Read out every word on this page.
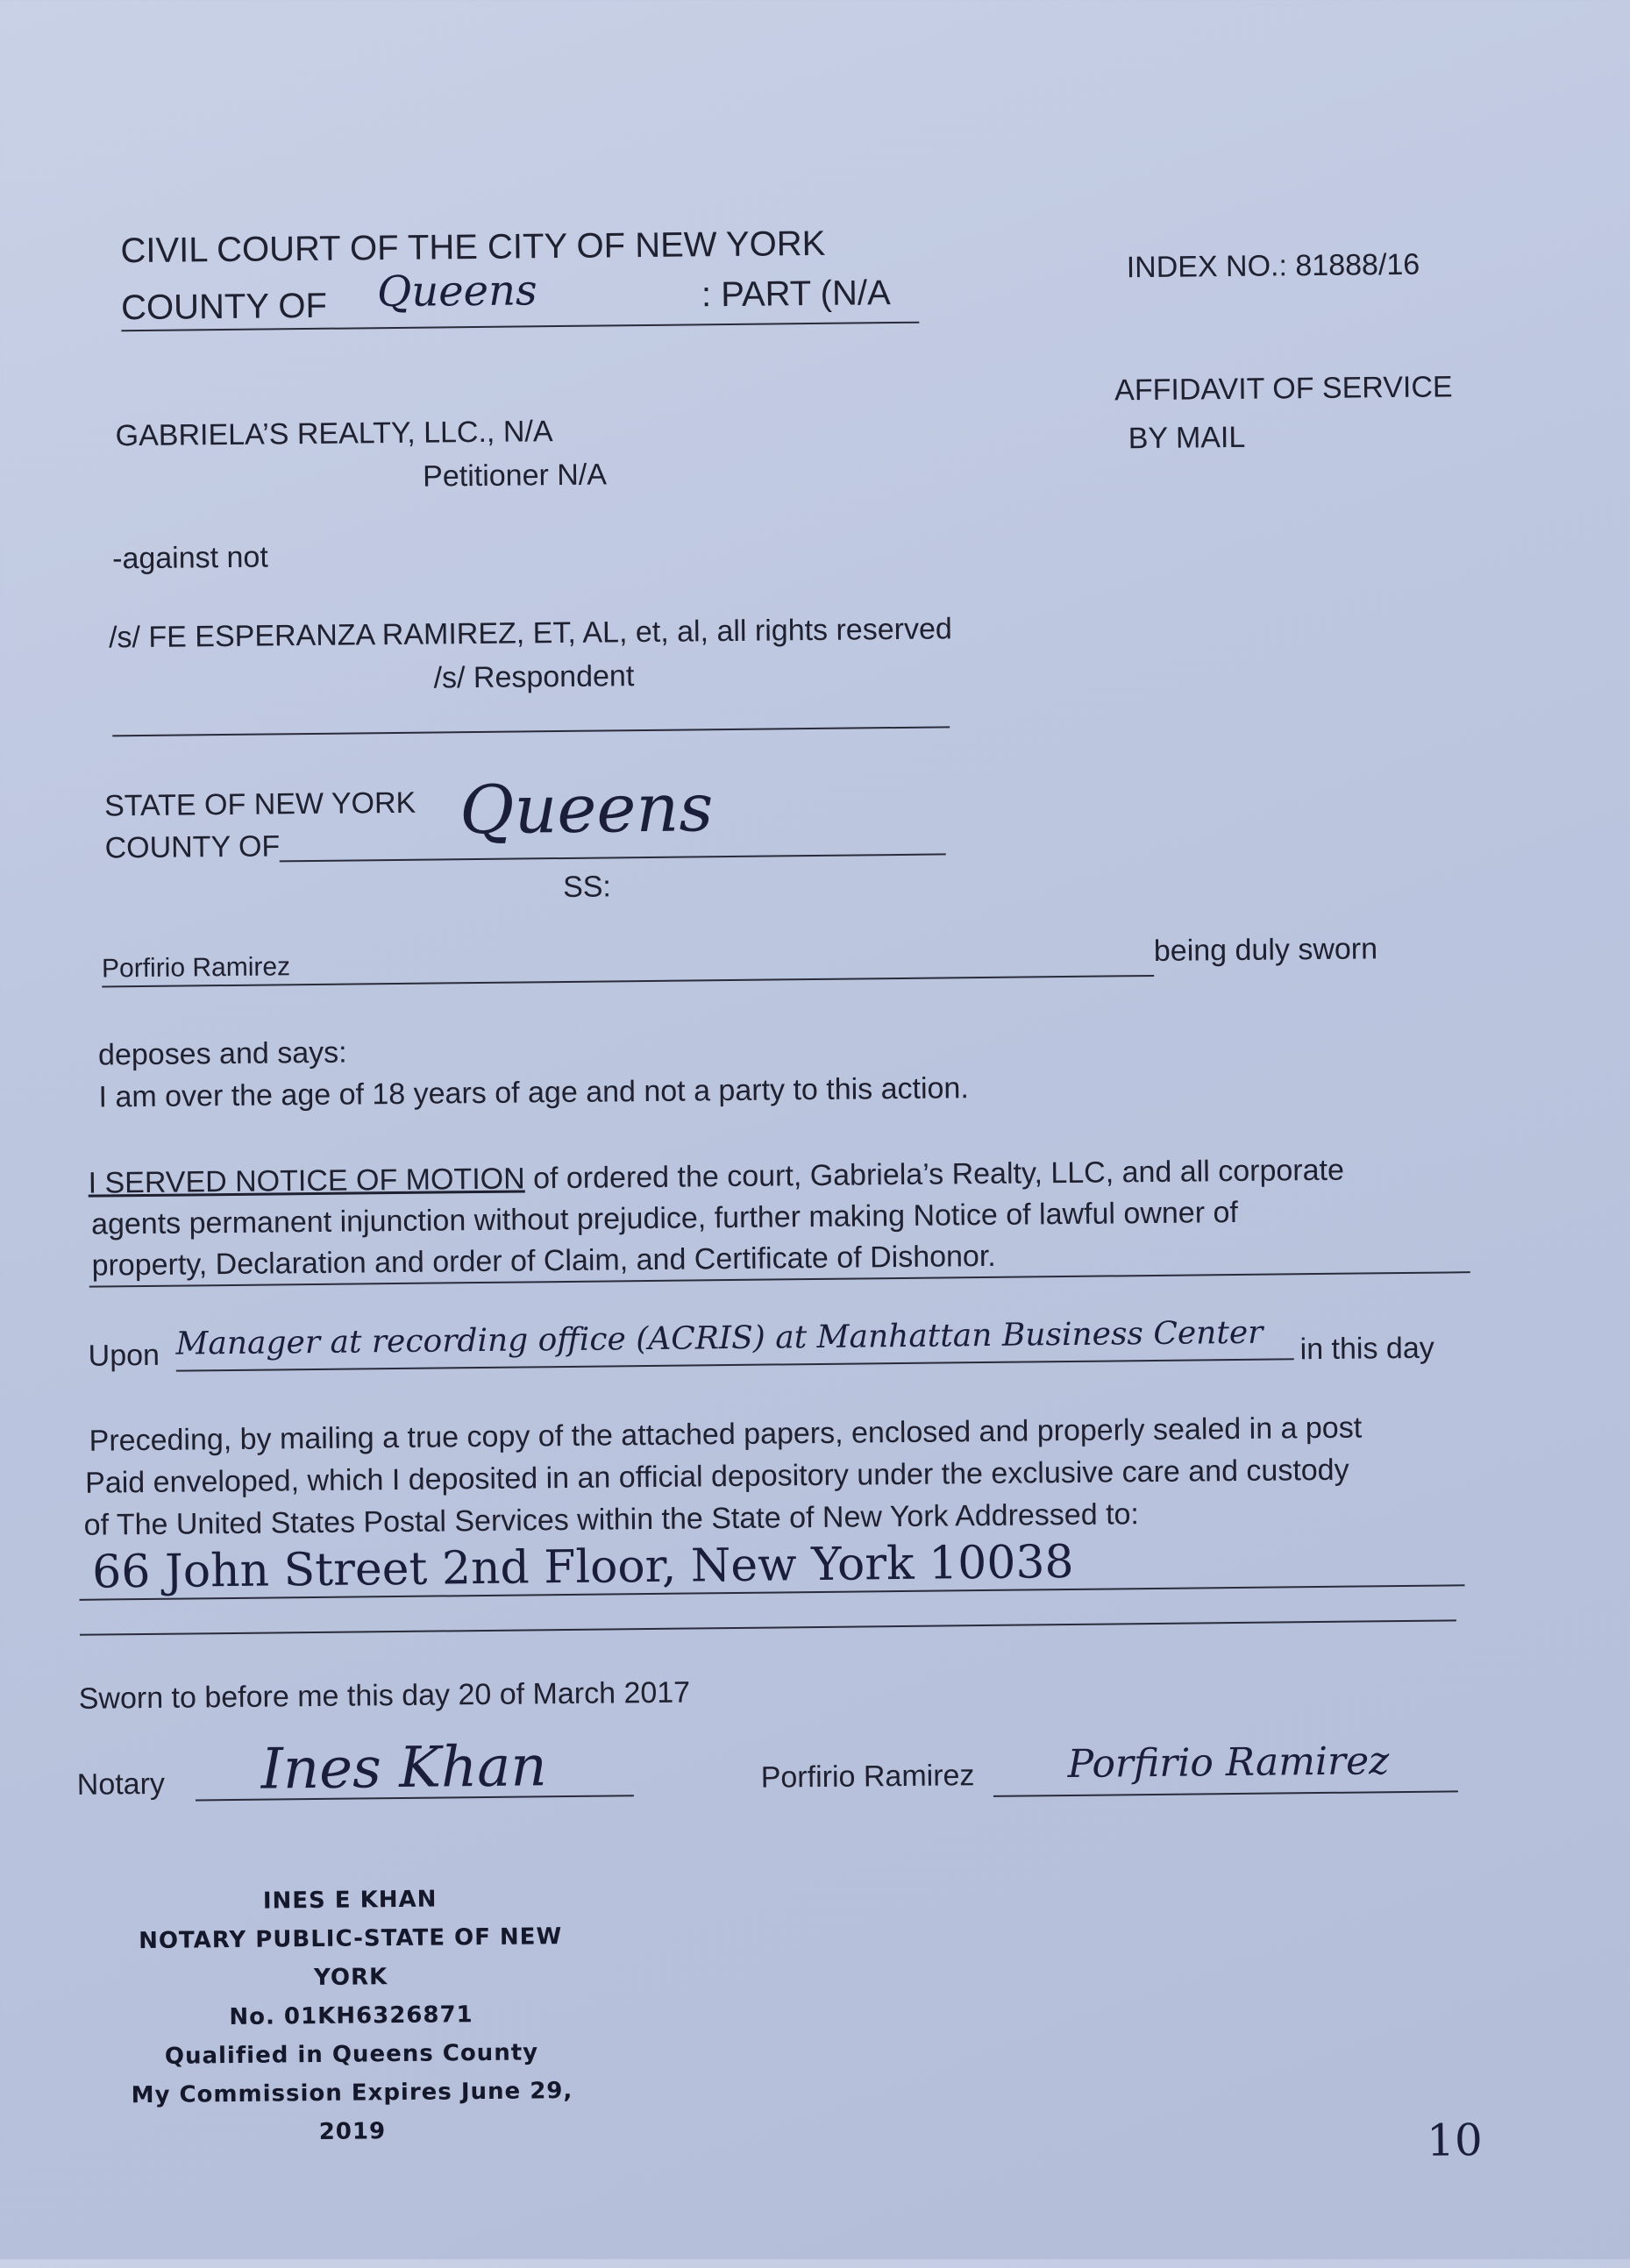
CIVIL COURT OF THE CITY OF NEW YORK
COUNTY OF Queens	: PART (N/A
INDEX NO.: 81888/16
AFFIDAVIT OF SERVICE
BY MAIL
GABRIELA’S REALTY, LLC., N/A
Petitioner N/A
-against not
/s/ FE ESPERANZA RAMIREZ, ET, AL, et, al, all rights reserved
/s/ Respondent
STATE OF NEW YORK
COUNTY OF	Queens
SS:
Porfirio Ramirez	being duly sworn
deposes and says:
I am over the age of 18 years of age and not a party to this action.
I SERVED NOTICE OF MOTION of ordered the court, Gabriela’s Realty, LLC, and all corporate
agents permanent injunction without prejudice, further making Notice of lawful owner of
property, Declaration and order of Claim, and Certificate of Dishonor.
Upon Manager at recording office (ACRIS) at Manhattan Business Center in this day
Preceding, by mailing a true copy of the attached papers, enclosed and properly sealed in a post
Paid enveloped, which I deposited in an official depository under the exclusive care and custody
of The United States Postal Services within the State of New York Addressed to:
66 John Street 2nd Floor, New York 10038
Sworn to before me this day 20 of March 2017
Notary Ines Khan	Porfirio Ramirez Porfirio Ramirez
INES E KHAN
NOTARY PUBLIC-STATE OF NEW YORK
No. 01KH6326871
Qualified in Queens County
My Commission Expires June 29, 2019	10
